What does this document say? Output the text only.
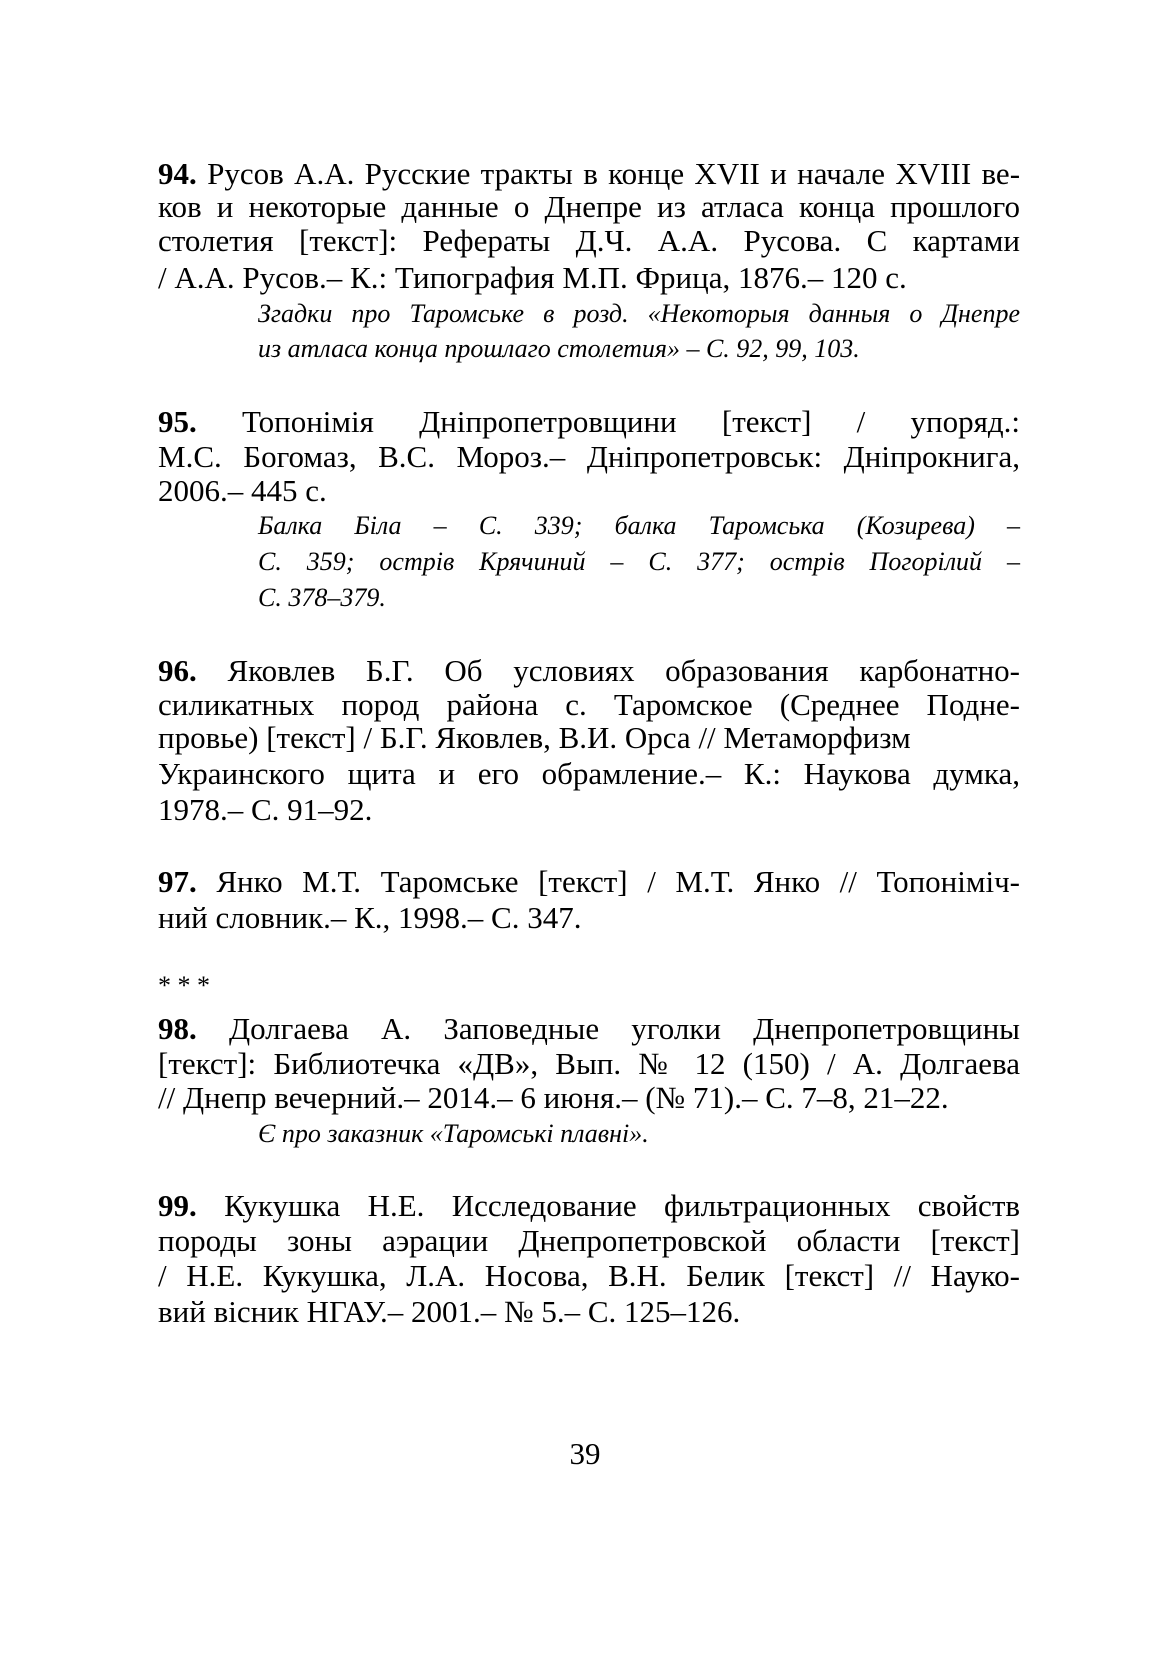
94. Русов А.А. Русские тракты в конце XVII и начале XVIII ве-
ков и некоторые данные о Днепре из атласа конца прошлого
столетия [текст]: Рефераты Д.Ч. А.А. Русова. С картами
/ А.А. Русов.– К.: Типография М.П. Фрица, 1876.– 120 с.
Згадки про Таромське в розд. «Некоторыя данныя о Днепре
из атласа конца прошлаго столетия» – С. 92, 99, 103.
95. Топонімія Дніпропетровщини [текст] / упоряд.:
М.С. Богомаз, В.С. Мороз.– Дніпропетровськ: Дніпрокнига,
2006.– 445 с.
Балка Біла – С. 339; балка Таромська (Козирева) –
С. 359; острів Крячиний – С. 377; острів Погорілий –
С. 378–379.
96. Яковлев Б.Г. Об условиях образования карбонатно-
силикатных пород района с. Таромское (Среднее Подне-
провье) [текст] / Б.Г. Яковлев, В.И. Орса // Метаморфизм
Украинского щита и его обрамление.– К.: Наукова думка,
1978.– С. 91–92.
97. Янко М.Т. Таромське [текст] / М.Т. Янко // Топоніміч-
ний словник.– К., 1998.– С. 347.
* * *
98. Долгаева А. Заповедные уголки Днепропетровщины
[текст]: Библиотечка «ДВ», Вып. № 12 (150) / А. Долгаева
// Днепр вечерний.– 2014.– 6 июня.– (№ 71).– С. 7–8, 21–22.
Є про заказник «Таромські плавні».
99. Кукушка Н.Е. Исследование фильтрационных свойств
породы зоны аэрации Днепропетровской области [текст]
/ Н.Е. Кукушка, Л.А. Носова, В.Н. Белик [текст] // Науко-
вий вісник НГАУ.– 2001.– № 5.– С. 125–126.
39
